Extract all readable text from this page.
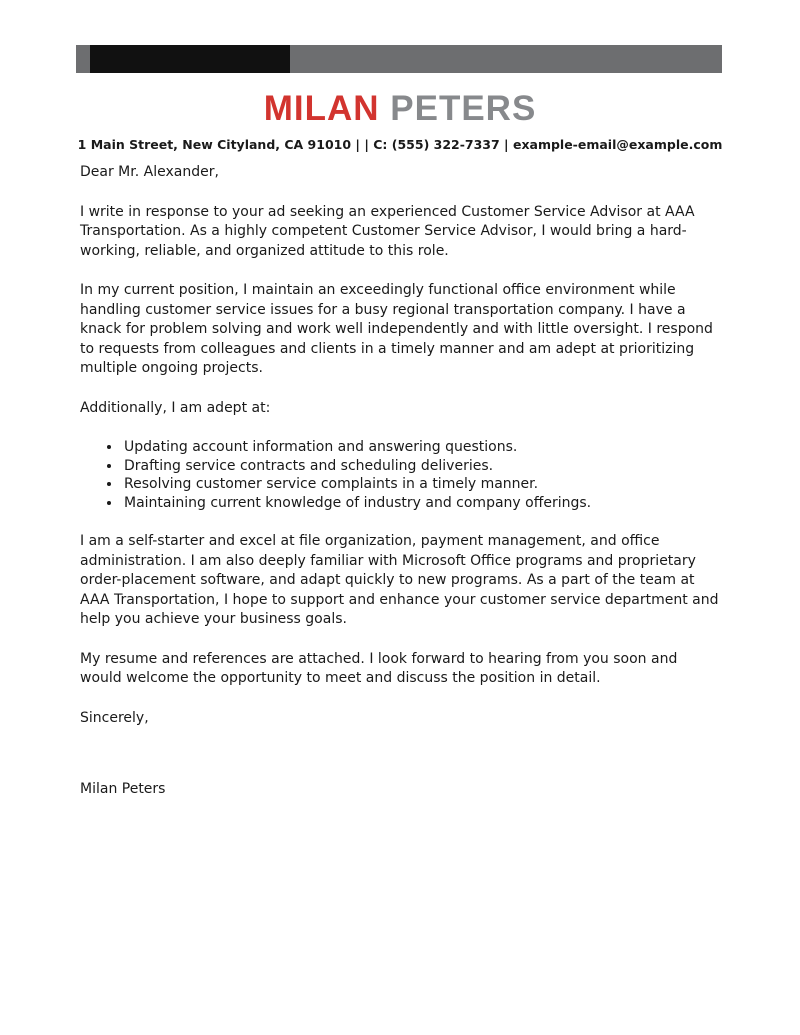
MILAN PETERS
1 Main Street, New Cityland, CA 91010 | | C: (555) 322-7337 | example-email@example.com

Dear Mr. Alexander,

I write in response to your ad seeking an experienced Customer Service Advisor at AAA Transportation. As a highly competent Customer Service Advisor, I would bring a hard-working, reliable, and organized attitude to this role.

In my current position, I maintain an exceedingly functional office environment while handling customer service issues for a busy regional transportation company. I have a knack for problem solving and work well independently and with little oversight. I respond to requests from colleagues and clients in a timely manner and am adept at prioritizing multiple ongoing projects.

Additionally, I am adept at:

• Updating account information and answering questions.
• Drafting service contracts and scheduling deliveries.
• Resolving customer service complaints in a timely manner.
• Maintaining current knowledge of industry and company offerings.

I am a self-starter and excel at file organization, payment management, and office administration. I am also deeply familiar with Microsoft Office programs and proprietary order-placement software, and adapt quickly to new programs. As a part of the team at AAA Transportation, I hope to support and enhance your customer service department and help you achieve your business goals.

My resume and references are attached. I look forward to hearing from you soon and would welcome the opportunity to meet and discuss the position in detail.

Sincerely,

Milan Peters
